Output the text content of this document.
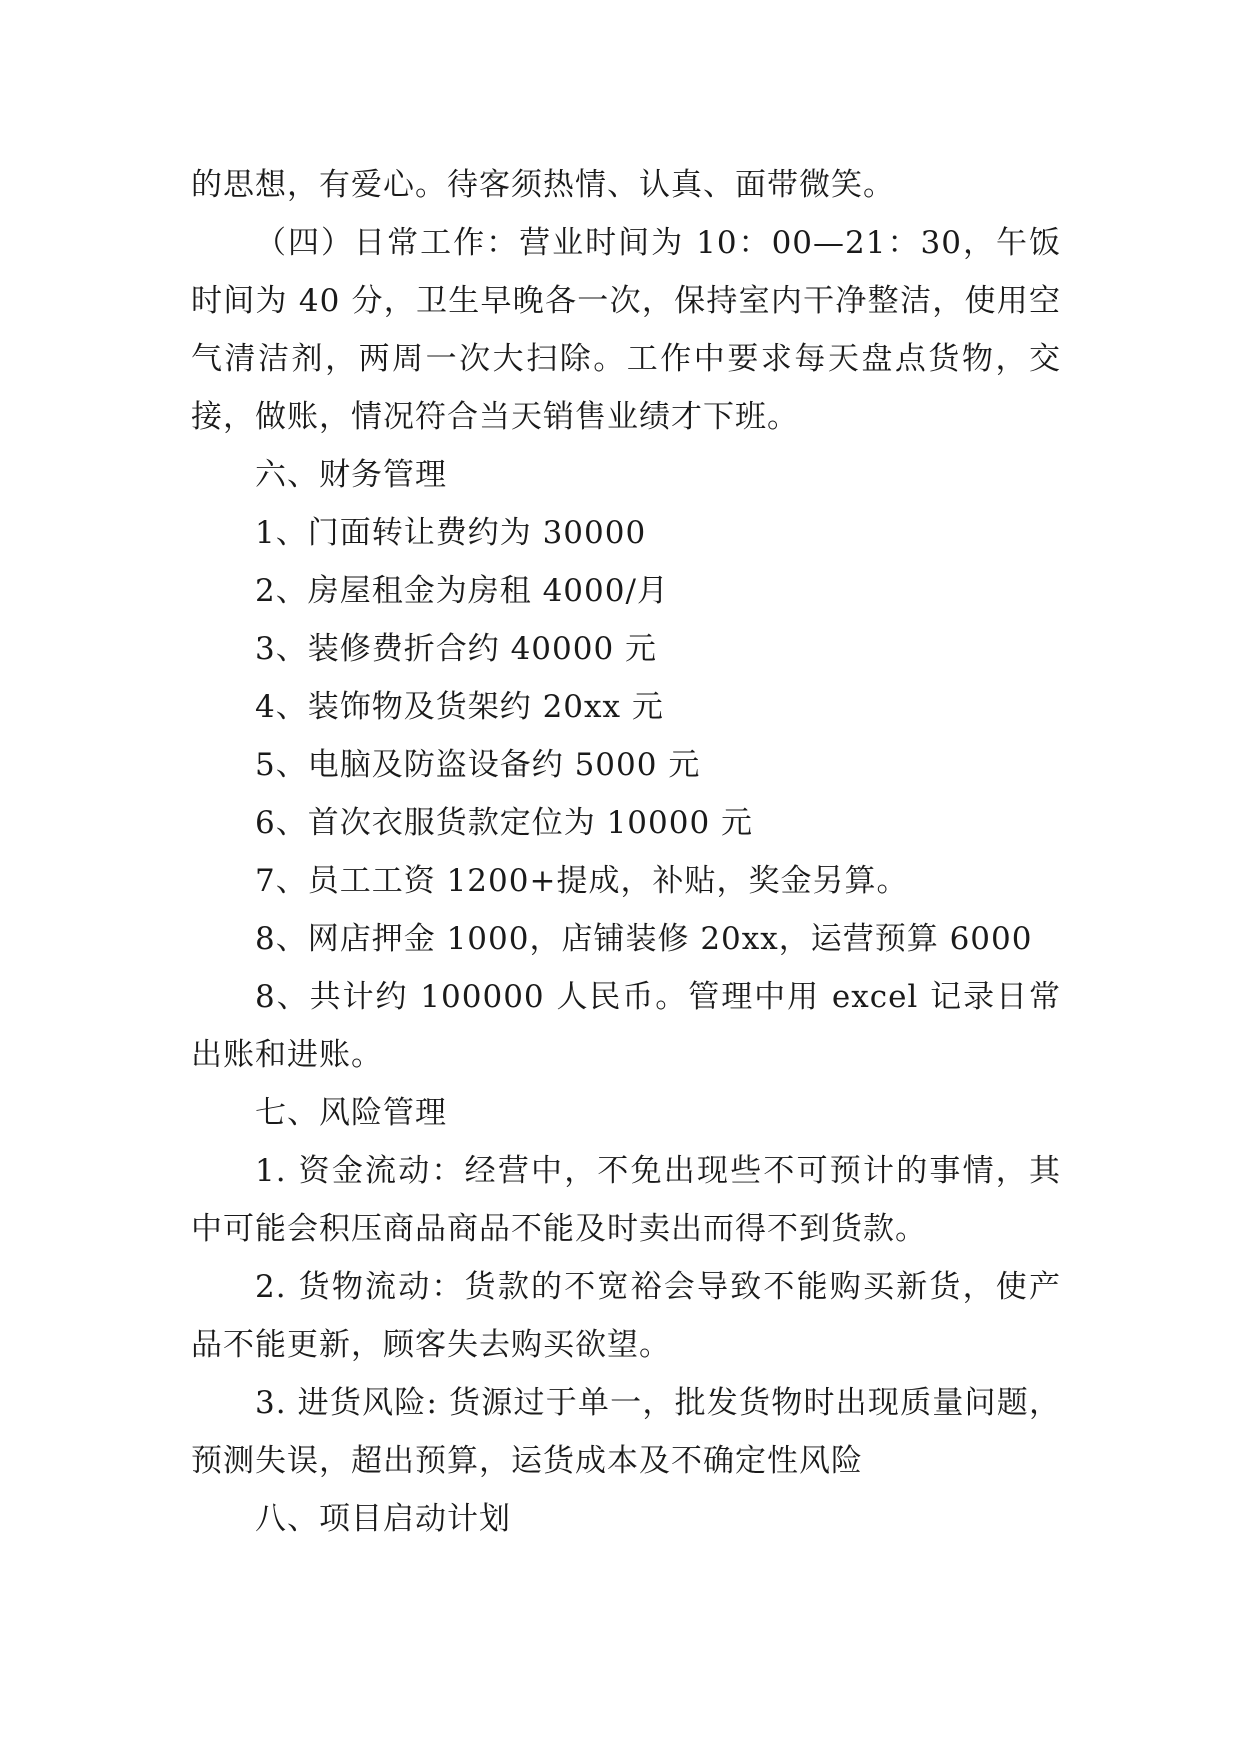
的思想，有爱心。待客须热情、认真、面带微笑。

（四）日常工作：营业时间为 10：00—21：30，午饭时间为 40 分，卫生早晚各一次，保持室内干净整洁，使用空气清洁剂，两周一次大扫除。工作中要求每天盘点货物，交接，做账，情况符合当天销售业绩才下班。

六、财务管理

1、门面转让费约为 30000

2、房屋租金为房租 4000/月

3、装修费折合约 40000 元

4、装饰物及货架约 20xx 元

5、电脑及防盗设备约 5000 元

6、首次衣服货款定位为 10000 元

7、员工工资 1200+提成，补贴，奖金另算。

8、网店押金 1000，店铺装修 20xx，运营预算 6000

8、共计约 100000 人民币。管理中用 excel 记录日常出账和进账。

七、风险管理

1. 资金流动：经营中，不免出现些不可预计的事情，其中可能会积压商品商品不能及时卖出而得不到货款。

2. 货物流动：货款的不宽裕会导致不能购买新货，使产品不能更新，顾客失去购买欲望。

3. 进货风险: 货源过于单一，批发货物时出现质量问题，预测失误，超出预算，运货成本及不确定性风险

八、项目启动计划
